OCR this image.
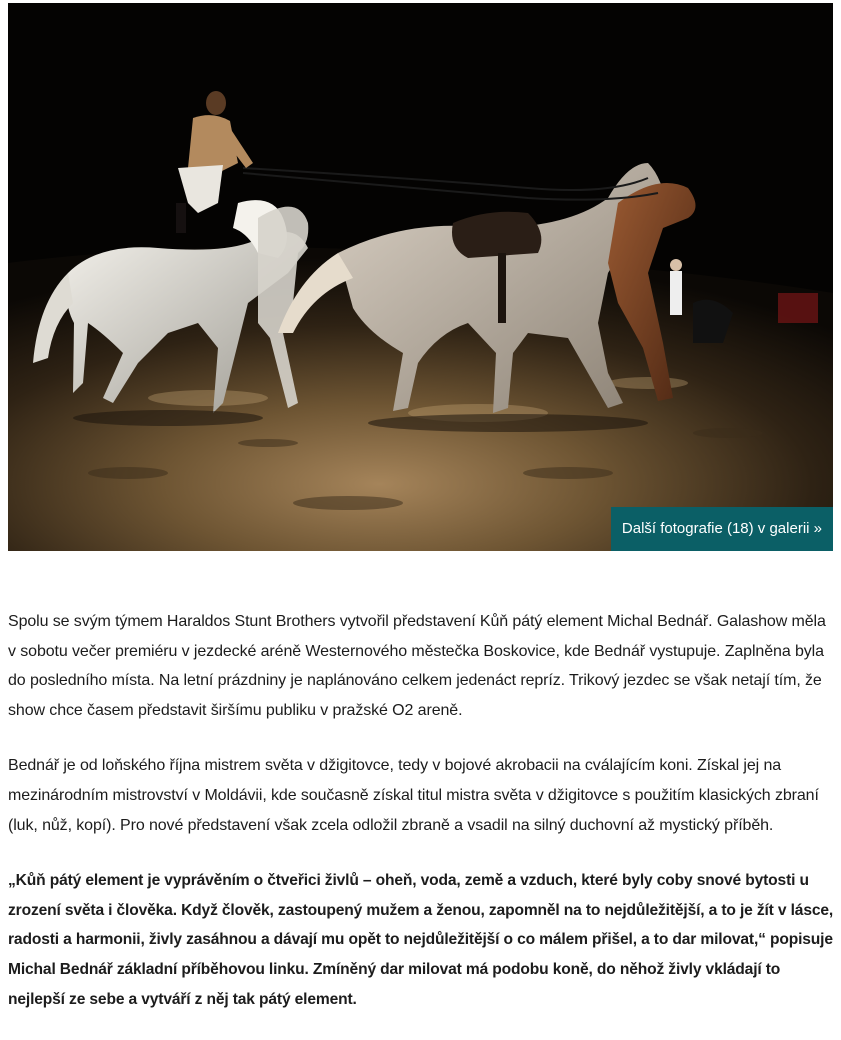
Další fotografie (18) v galerii »

Spolu se svým týmem Haraldos Stunt Brothers vytvořil představení Kůň pátý element Michal Bednář. Galashow měla v sobotu večer premiéru v jezdecké aréně Westernového městečka Boskovice, kde Bednář vystupuje. Zaplněna byla do posledního místa. Na letní prázdniny je naplánováno celkem jedenáct repríz. Trikový jezdec se však netají tím, že show chce časem představit širšímu publiku v pražské O2 areně.

Bednář je od loňského října mistrem světa v džigitovce, tedy v bojové akrobacii na cválajícím koni. Získal jej na mezinárodním mistrovství v Moldávii, kde současně získal titul mistra světa v džigitovce s použitím klasických zbraní (luk, nůž, kopí). Pro nové představení však zcela odložil zbraně a vsadil na silný duchovní až mystický příběh.

„Kůň pátý element je vyprávěním o čtveřici živlů – oheň, voda, země a vzduch, které byly coby snové bytosti u zrození světa i člověka. Když člověk, zastoupený mužem a ženou, zapomněl na to nejdůležitější, a to je žít v lásce, radosti a harmonii, živly zasáhnou a dávají mu opět to nejdůležitější o co málem přišel, a to dar milovat,“ popisuje Michal Bednář základní příběhovou linku. Zmíněný dar milovat má podobu koně, do něhož živly vkládají to nejlepší ze sebe a vytváří z něj tak pátý element.
